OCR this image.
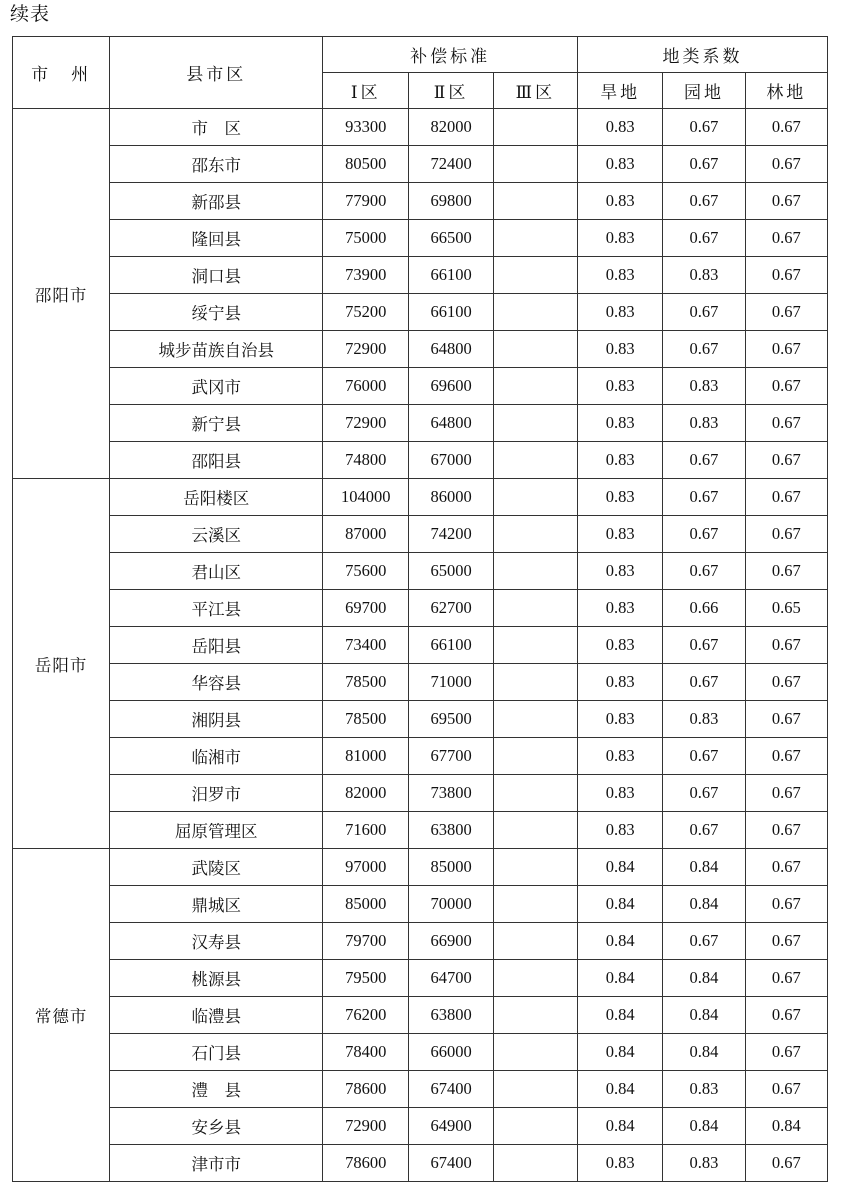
续表
市　州	县市区	补偿标准			地类系数		
		Ⅰ区	Ⅱ区	Ⅲ区	旱地	园地	林地
邵阳市	市　区	93300	82000		0.83	0.67	0.67
	邵东市	80500	72400		0.83	0.67	0.67
	新邵县	77900	69800		0.83	0.67	0.67
	隆回县	75000	66500		0.83	0.67	0.67
	洞口县	73900	66100		0.83	0.83	0.67
	绥宁县	75200	66100		0.83	0.67	0.67
	城步苗族自治县	72900	64800		0.83	0.67	0.67
	武冈市	76000	69600		0.83	0.83	0.67
	新宁县	72900	64800		0.83	0.83	0.67
	邵阳县	74800	67000		0.83	0.67	0.67
岳阳市	岳阳楼区	104000	86000		0.83	0.67	0.67
	云溪区	87000	74200		0.83	0.67	0.67
	君山区	75600	65000		0.83	0.67	0.67
	平江县	69700	62700		0.83	0.66	0.65
	岳阳县	73400	66100		0.83	0.67	0.67
	华容县	78500	71000		0.83	0.67	0.67
	湘阴县	78500	69500		0.83	0.83	0.67
	临湘市	81000	67700		0.83	0.67	0.67
	汨罗市	82000	73800		0.83	0.67	0.67
	屈原管理区	71600	63800		0.83	0.67	0.67
常德市	武陵区	97000	85000		0.84	0.84	0.67
	鼎城区	85000	70000		0.84	0.84	0.67
	汉寿县	79700	66900		0.84	0.67	0.67
	桃源县	79500	64700		0.84	0.84	0.67
	临澧县	76200	63800		0.84	0.84	0.67
	石门县	78400	66000		0.84	0.84	0.67
	澧　县	78600	67400		0.84	0.83	0.67
	安乡县	72900	64900		0.84	0.84	0.84
	津市市	78600	67400		0.83	0.83	0.67
